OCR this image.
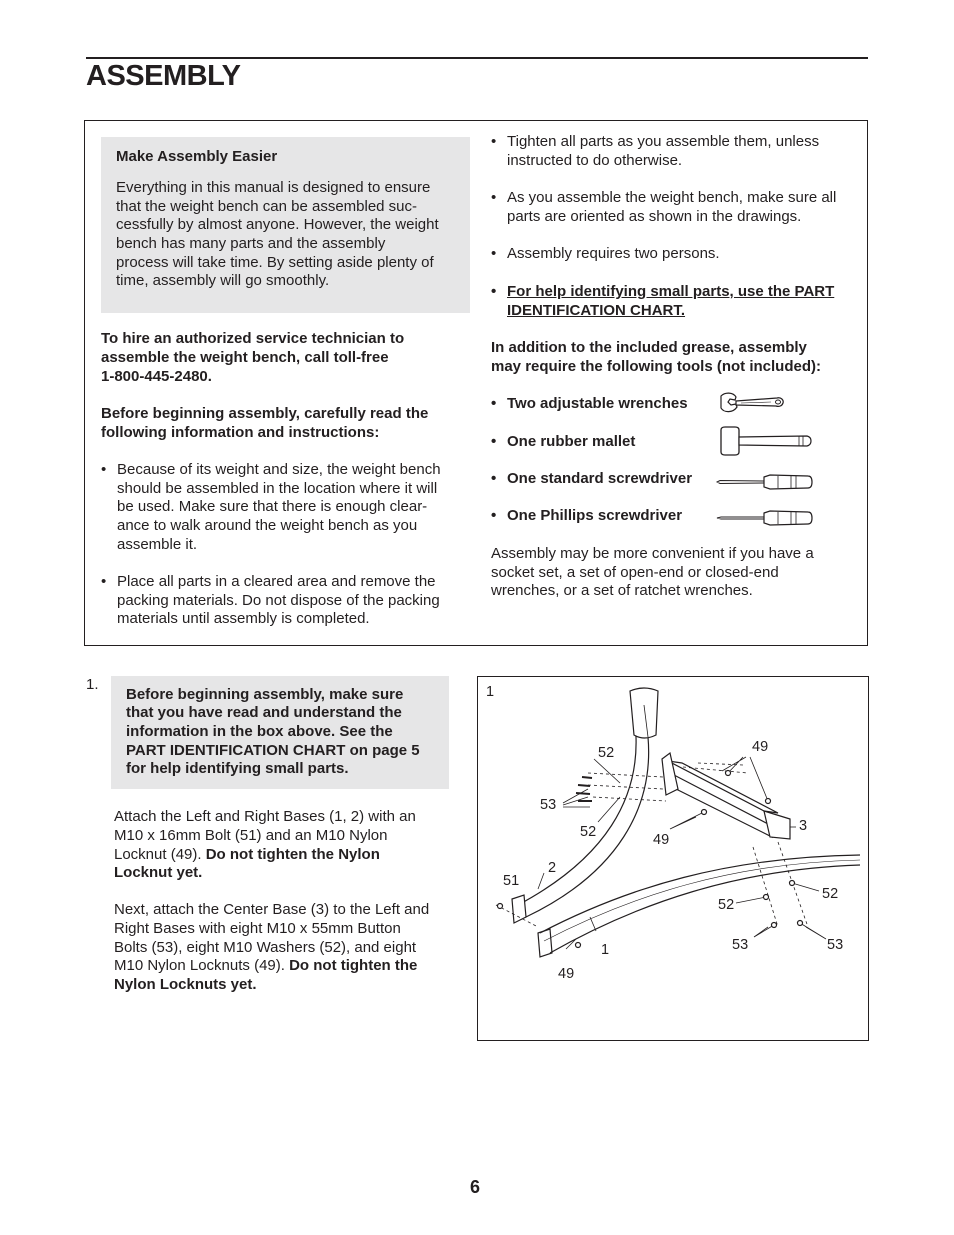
ASSEMBLY
Make Assembly Easier
Everything in this manual is designed to ensure
that the weight bench can be assembled suc-
cessfully by almost anyone. However, the weight
bench has many parts and the assembly
process will take time. By setting aside plenty of
time, assembly will go smoothly.
To hire an authorized service technician to
assemble the weight bench, call toll-free
1-800-445-2480.
Before beginning assembly, carefully read the
following information and instructions:
• Because of its weight and size, the weight bench
should be assembled in the location where it will
be used. Make sure that there is enough clear-
ance to walk around the weight bench as you
assemble it.
• Place all parts in a cleared area and remove the
packing materials. Do not dispose of the packing
materials until assembly is completed.
• Tighten all parts as you assemble them, unless
instructed to do otherwise.
• As you assemble the weight bench, make sure all
parts are oriented as shown in the drawings.
• Assembly requires two persons.
• For help identifying small parts, use the PART
IDENTIFICATION CHART.
In addition to the included grease, assembly
may require the following tools (not included):
• Two adjustable wrenches
• One rubber mallet
• One standard screwdriver
• One Phillips screwdriver
Assembly may be more convenient if you have a
socket set, a set of open-end or closed-end
wrenches, or a set of ratchet wrenches.
1.
Before beginning assembly, make sure
that you have read and understand the
information in the box above. See the
PART IDENTIFICATION CHART on page 5
for help identifying small parts.
Attach the Left and Right Bases (1, 2) with an
M10 x 16mm Bolt (51) and an M10 Nylon
Locknut (49). Do not tighten the Nylon
Locknut yet.
Next, attach the Center Base (3) to the Left and
Right Bases with eight M10 x 55mm Button
Bolts (53), eight M10 Washers (52), and eight
M10 Nylon Locknuts (49). Do not tighten the
Nylon Locknuts yet.
1
52	49
53
52	49
3
2
51
52
52
1	53	53
49
6
